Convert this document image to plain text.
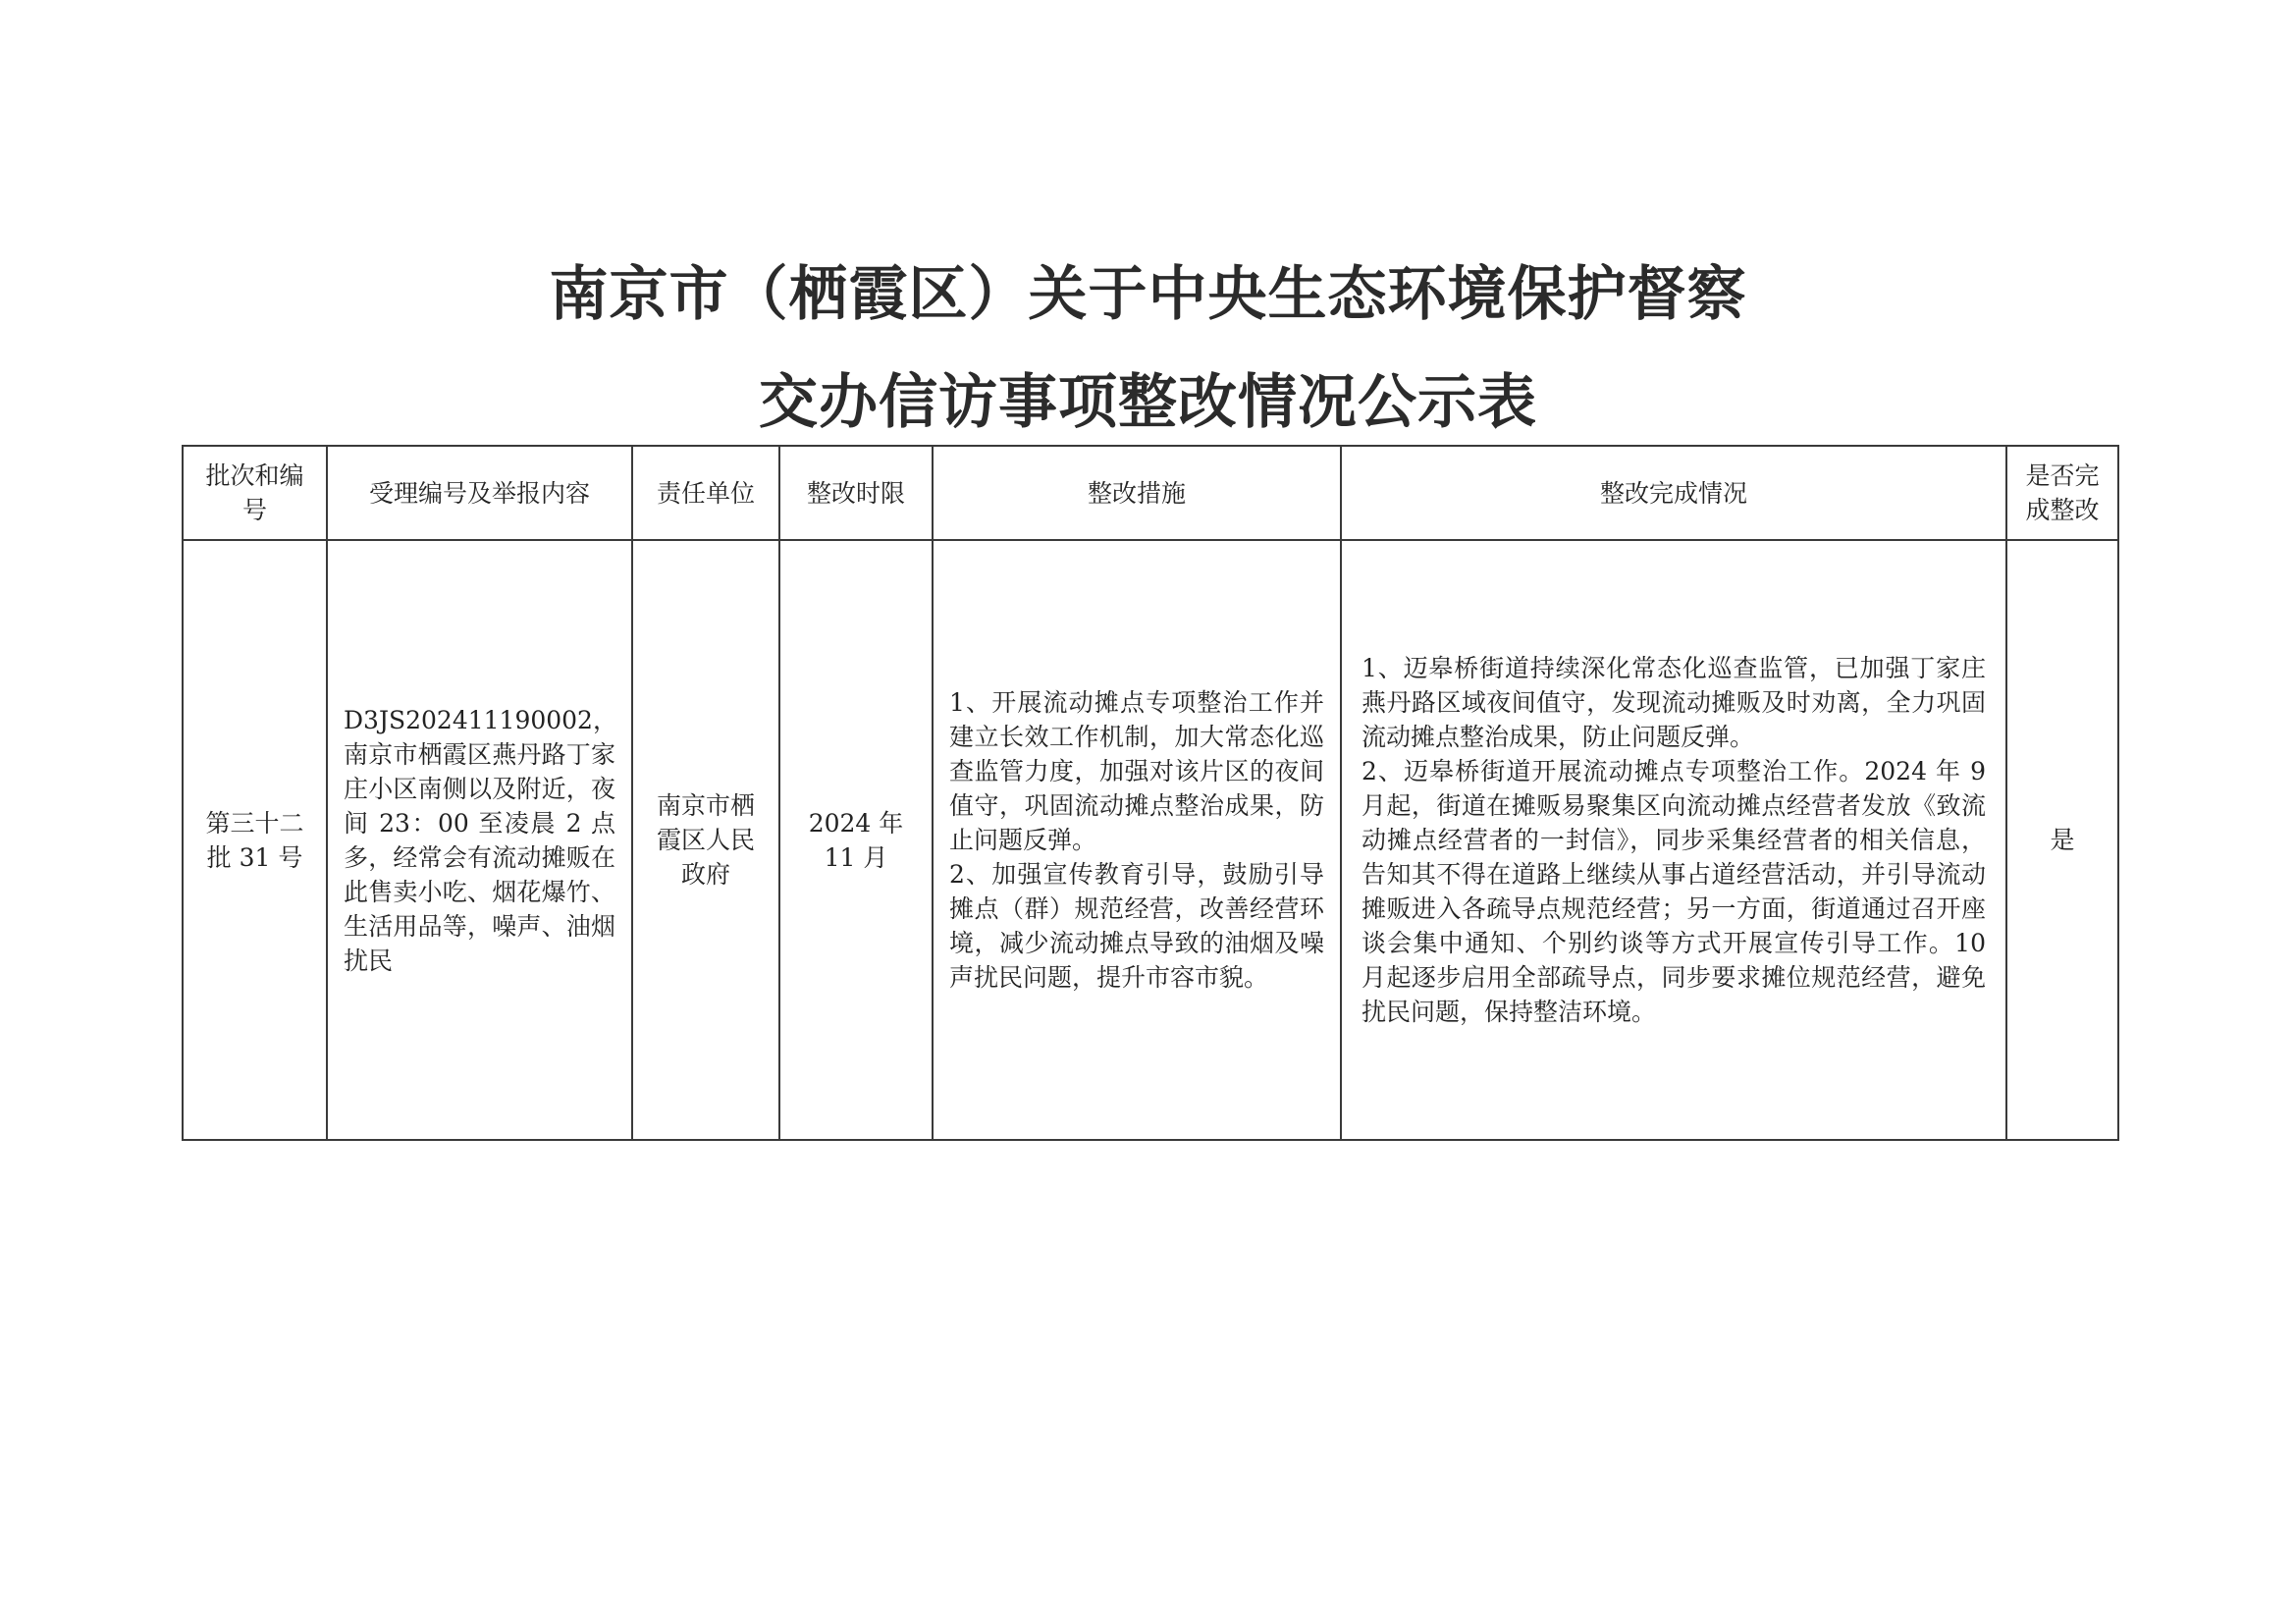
南京市（栖霞区）关于中央生态环境保护督察
交办信访事项整改情况公示表
批次和编号	受理编号及举报内容	责任单位	整改时限	整改措施	整改完成情况	是否完成整改

第三十二批 31 号	D3JS202411190002，南京市栖霞区燕丹路丁家庄小区南侧以及附近，夜间 23：00 至凌晨 2 点多，经常会有流动摊贩在此售卖小吃、烟花爆竹、生活用品等，噪声、油烟扰民	南京市栖霞区人民政府	2024 年 11 月	1、开展流动摊点专项整治工作并建立长效工作机制，加大常态化巡查监管力度，加强对该片区的夜间值守，巩固流动摊点整治成果，防止问题反弹。
2、加强宣传教育引导，鼓励引导摊点（群）规范经营，改善经营环境，减少流动摊点导致的油烟及噪声扰民问题，提升市容市貌。	1、迈皋桥街道持续深化常态化巡查监管，已加强丁家庄燕丹路区域夜间值守，发现流动摊贩及时劝离，全力巩固流动摊点整治成果，防止问题反弹。
2、迈皋桥街道开展流动摊点专项整治工作。2024 年 9 月起，街道在摊贩易聚集区向流动摊点经营者发放《致流动摊点经营者的一封信》，同步采集经营者的相关信息，告知其不得在道路上继续从事占道经营活动，并引导流动摊贩进入各疏导点规范经营；另一方面，街道通过召开座谈会集中通知、个别约谈等方式开展宣传引导工作。10 月起逐步启用全部疏导点，同步要求摊位规范经营，避免扰民问题，保持整洁环境。	是
